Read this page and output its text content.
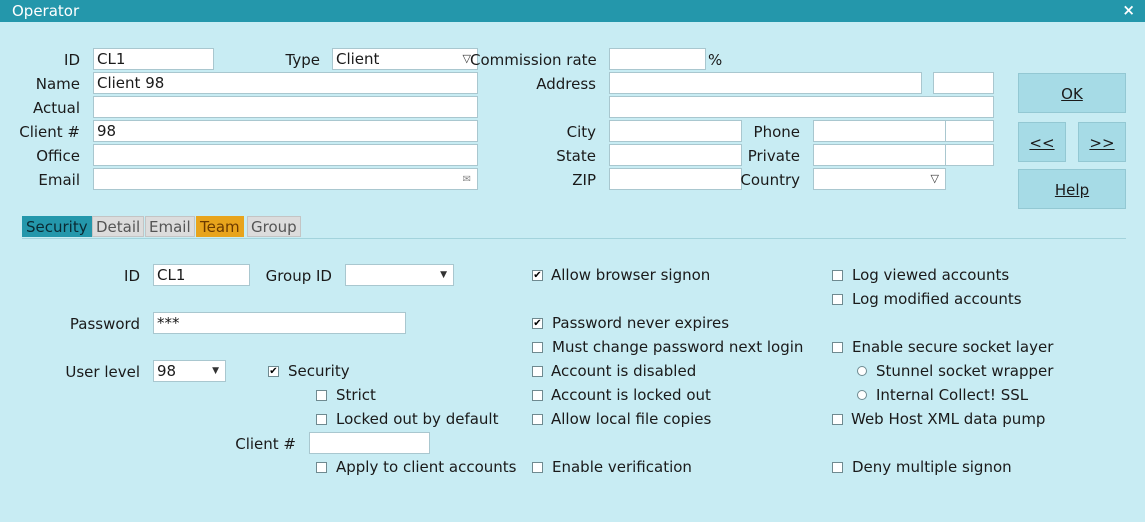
Operator	×
ID CL1	Type Client	▽ Commission rate	%
Name Client 98
Actual
Client # 98
Office
Email	✉
Address
City
State
ZIP
Phone
Private
Country	▽
OK
<<	>>
Help
Security Detail Email Team Group
ID CL1	Group ID	▼
Password ***
User level 98	▼	✔ Security
Strict
Locked out by default
Client #
Apply to client accounts
✔ Allow browser signon
✔ Password never expires
Must change password next login
Account is disabled
Account is locked out
Allow local file copies
Enable verification
Log viewed accounts
Log modified accounts
Enable secure socket layer
Stunnel socket wrapper
Internal Collect! SSL
Web Host XML data pump
Deny multiple signon
